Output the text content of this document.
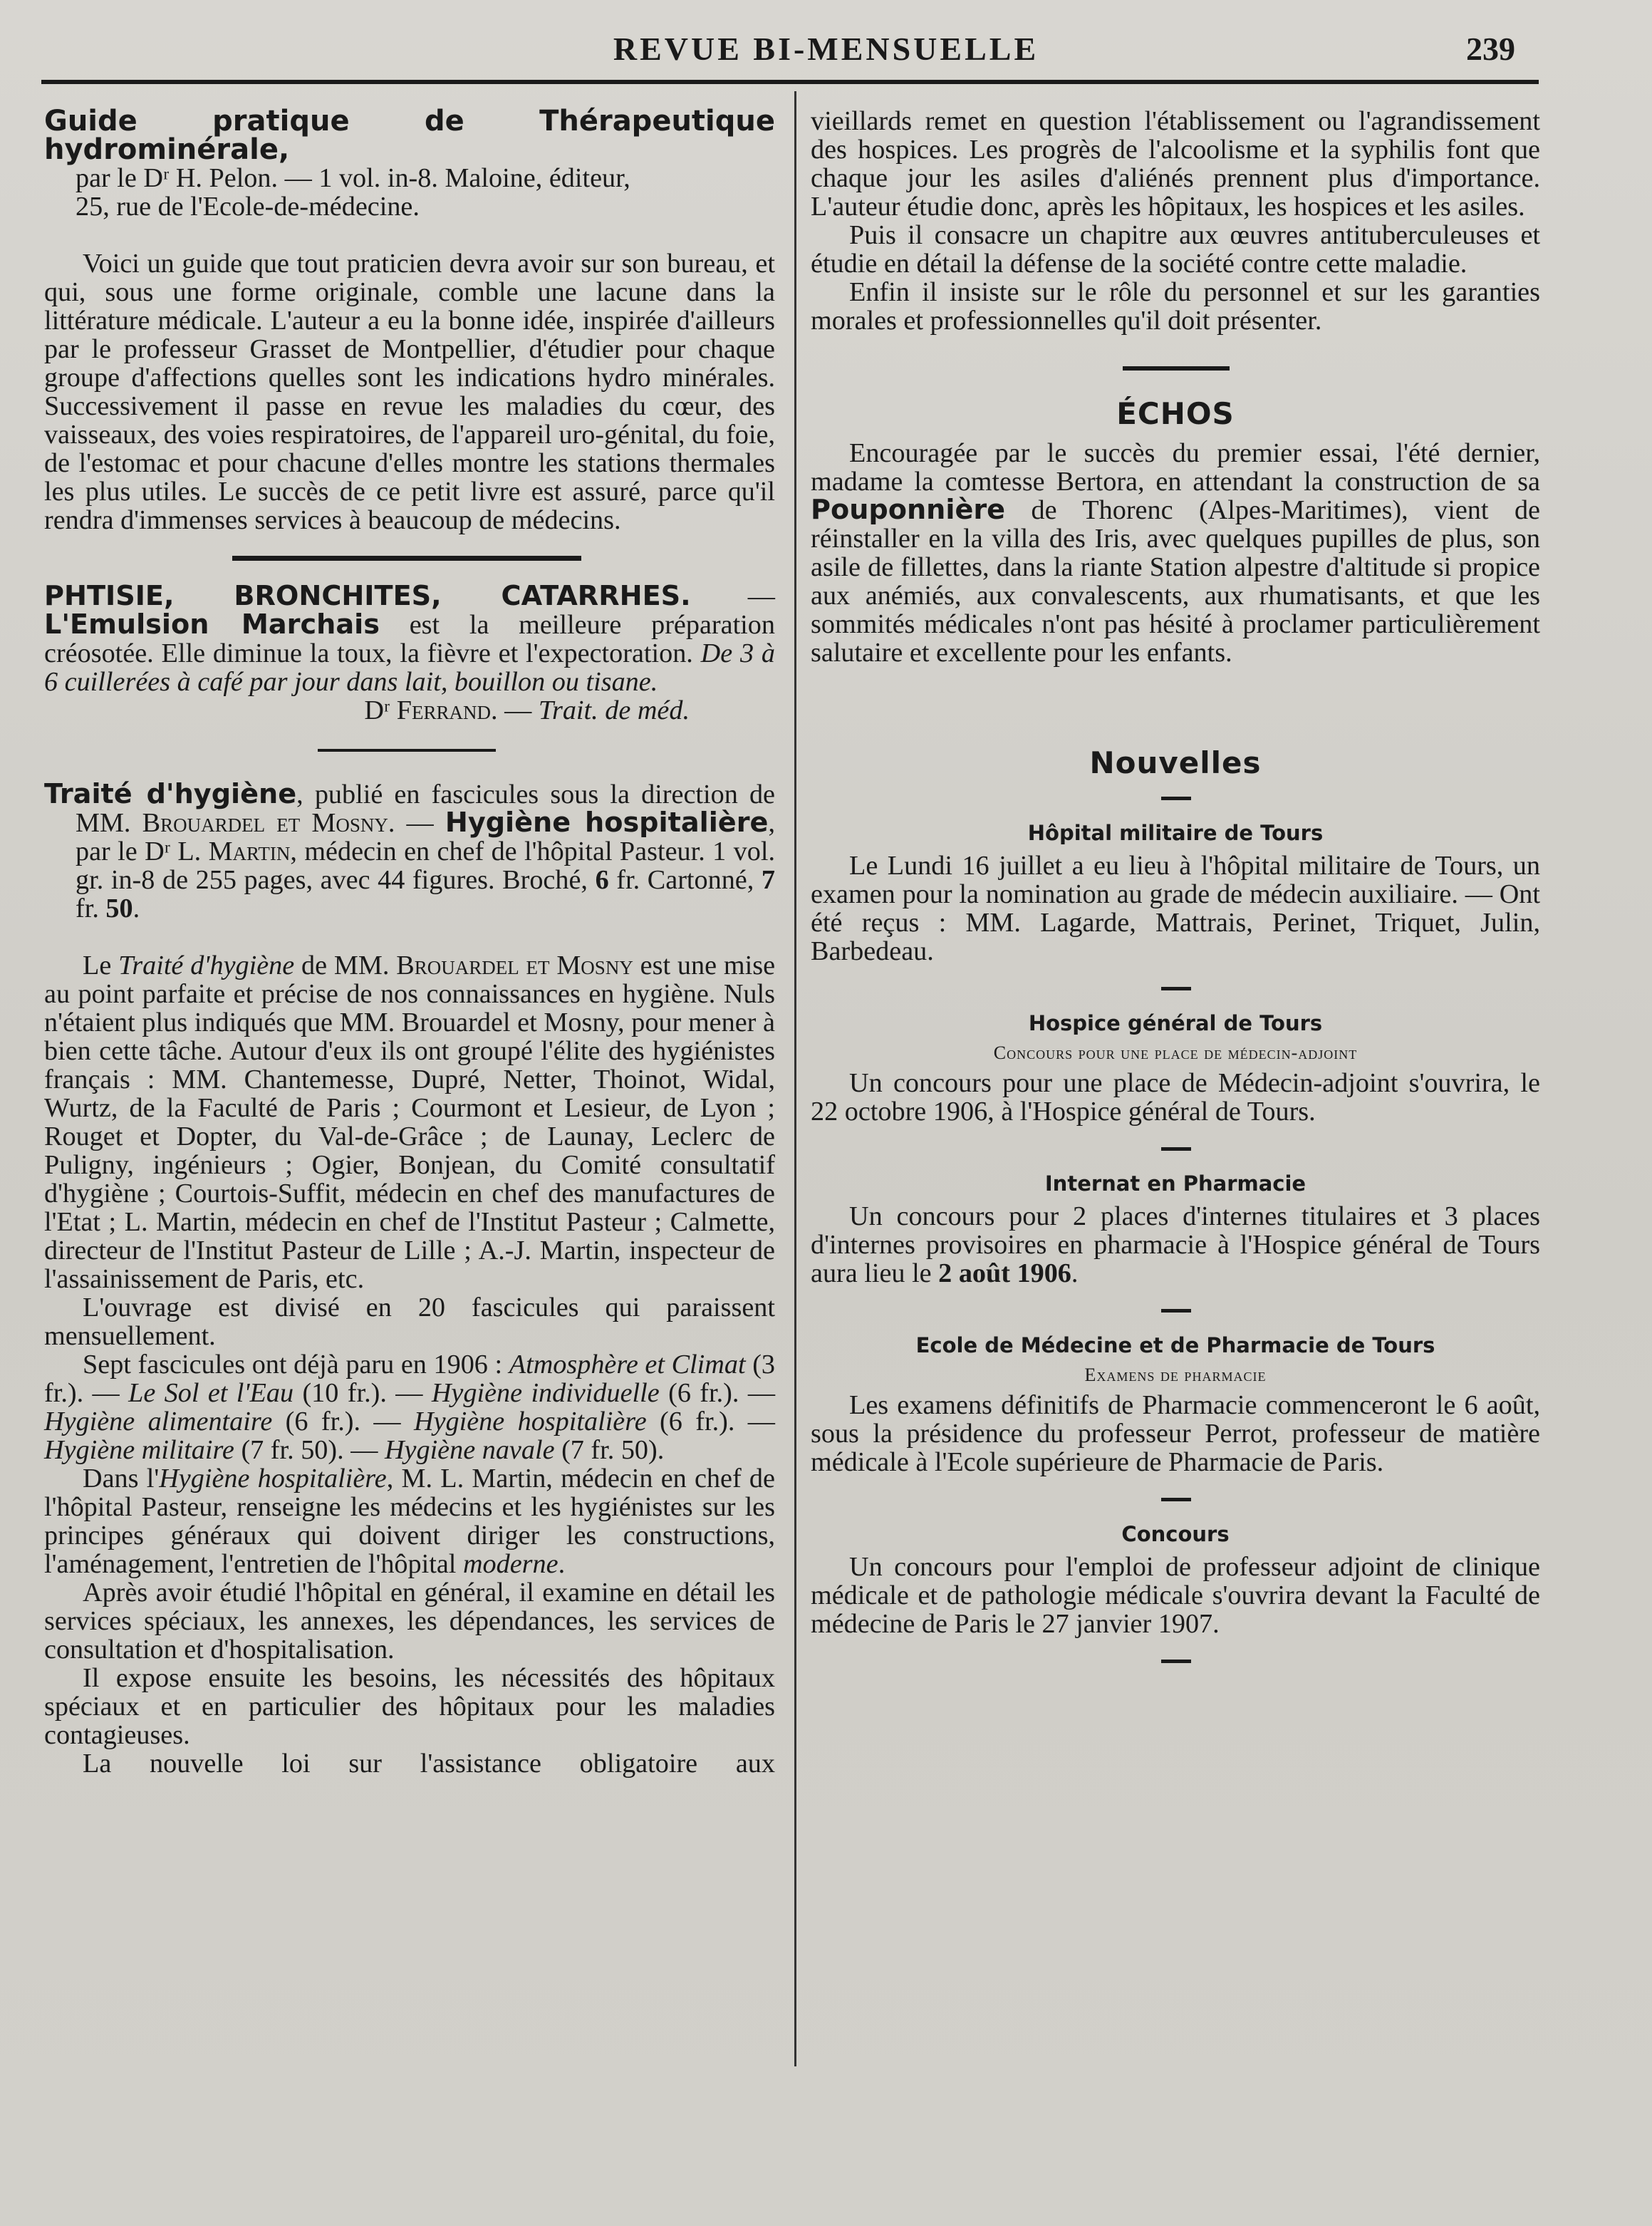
REVUE BI-MENSUELLE	239

Guide pratique de Thérapeutique hydrominérale,

par le Dʳ H. Pelon. — 1 vol. in-8. Maloine, éditeur,

25, rue de l'Ecole-de-médecine.

Voici un guide que tout praticien devra avoir sur son bureau, et qui, sous une forme originale, comble une lacune dans la littérature médicale. L'auteur a eu la bonne idée, inspirée d'ailleurs par le professeur Grasset de Montpellier, d'étudier pour chaque groupe d'affections quelles sont les indications hydro minérales. Successivement il passe en revue les maladies du cœur, des vaisseaux, des voies respiratoires, de l'appareil uro-génital, du foie, de l'estomac et pour chacune d'elles montre les stations thermales les plus utiles. Le succès de ce petit livre est assuré, parce qu'il rendra d'immenses services à beaucoup de médecins.

PHTISIE, BRONCHITES, CATARRHES. — L'Emulsion Marchais est la meilleure préparation créosotée. Elle diminue la toux, la fièvre et l'expectoration. De 3 à 6 cuillerées à café par jour dans lait, bouillon ou tisane.

Dʳ Ferrand. — Trait. de méd.

Traité d'hygiène, publié en fascicules sous la direction de MM. Brouardel et Mosny. — Hygiène hospitalière, par le Dʳ L. Martin, médecin en chef de l'hôpital Pasteur. 1 vol. gr. in-8 de 255 pages, avec 44 figures. Broché, 6 fr. Cartonné, 7 fr. 50.

Le Traité d'hygiène de MM. Brouardel et Mosny est une mise au point parfaite et précise de nos connaissances en hygiène. Nuls n'étaient plus indiqués que MM. Brouardel et Mosny, pour mener à bien cette tâche. Autour d'eux ils ont groupé l'élite des hygiénistes français : MM. Chantemesse, Dupré, Netter, Thoinot, Widal, Wurtz, de la Faculté de Paris ; Courmont et Lesieur, de Lyon ; Rouget et Dopter, du Val-de-Grâce ; de Launay, Leclerc de Puligny, ingénieurs ; Ogier, Bonjean, du Comité consultatif d'hygiène ; Courtois-Suffit, médecin en chef des manufactures de l'Etat ; L. Martin, médecin en chef de l'Institut Pasteur ; Calmette, directeur de l'Institut Pasteur de Lille ; A.-J. Martin, inspecteur de l'assainissement de Paris, etc.

L'ouvrage est divisé en 20 fascicules qui paraissent mensuellement.

Sept fascicules ont déjà paru en 1906 : Atmosphère et Climat (3 fr.). — Le Sol et l'Eau (10 fr.). — Hygiène individuelle (6 fr.). — Hygiène alimentaire (6 fr.). — Hygiène hospitalière (6 fr.). — Hygiène militaire (7 fr. 50). — Hygiène navale (7 fr. 50).

Dans l'Hygiène hospitalière, M. L. Martin, médecin en chef de l'hôpital Pasteur, renseigne les médecins et les hygiénistes sur les principes généraux qui doivent diriger les constructions, l'aménagement, l'entretien de l'hôpital moderne.

Après avoir étudié l'hôpital en général, il examine en détail les services spéciaux, les annexes, les dépendances, les services de consultation et d'hospitalisation.

Il expose ensuite les besoins, les nécessités des hôpitaux spéciaux et en particulier des hôpitaux pour les maladies contagieuses.

La nouvelle loi sur l'assistance obligatoire aux

vieillards remet en question l'établissement ou l'agrandissement des hospices. Les progrès de l'alcoolisme et la syphilis font que chaque jour les asiles d'aliénés prennent plus d'importance. L'auteur étudie donc, après les hôpitaux, les hospices et les asiles.

Puis il consacre un chapitre aux œuvres antituberculeuses et étudie en détail la défense de la société contre cette maladie.

Enfin il insiste sur le rôle du personnel et sur les garanties morales et professionnelles qu'il doit présenter.

ÉCHOS

Encouragée par le succès du premier essai, l'été dernier, madame la comtesse Bertora, en attendant la construction de sa Pouponnière de Thorenc (Alpes-Maritimes), vient de réinstaller en la villa des Iris, avec quelques pupilles de plus, son asile de fillettes, dans la riante Station alpestre d'altitude si propice aux anémiés, aux convalescents, aux rhumatisants, et que les sommités médicales n'ont pas hésité à proclamer particulièrement salutaire et excellente pour les enfants.

Nouvelles
Hôpital militaire de Tours

Le Lundi 16 juillet a eu lieu à l'hôpital militaire de Tours, un examen pour la nomination au grade de médecin auxiliaire. — Ont été reçus : MM. Lagarde, Mattrais, Perinet, Triquet, Julin, Barbedeau.

Hospice général de Tours
Concours pour une place de médecin-adjoint

Un concours pour une place de Médecin-adjoint s'ouvrira, le 22 octobre 1906, à l'Hospice général de Tours.

Internat en Pharmacie

Un concours pour 2 places d'internes titulaires et 3 places d'internes provisoires en pharmacie à l'Hospice général de Tours aura lieu le 2 août 1906.

Ecole de Médecine et de Pharmacie de Tours
Examens de pharmacie

Les examens définitifs de Pharmacie commenceront le 6 août, sous la présidence du professeur Perrot, professeur de matière médicale à l'Ecole supérieure de Pharmacie de Paris.

Concours

Un concours pour l'emploi de professeur adjoint de clinique médicale et de pathologie médicale s'ouvrira devant la Faculté de médecine de Paris le 27 janvier 1907.
